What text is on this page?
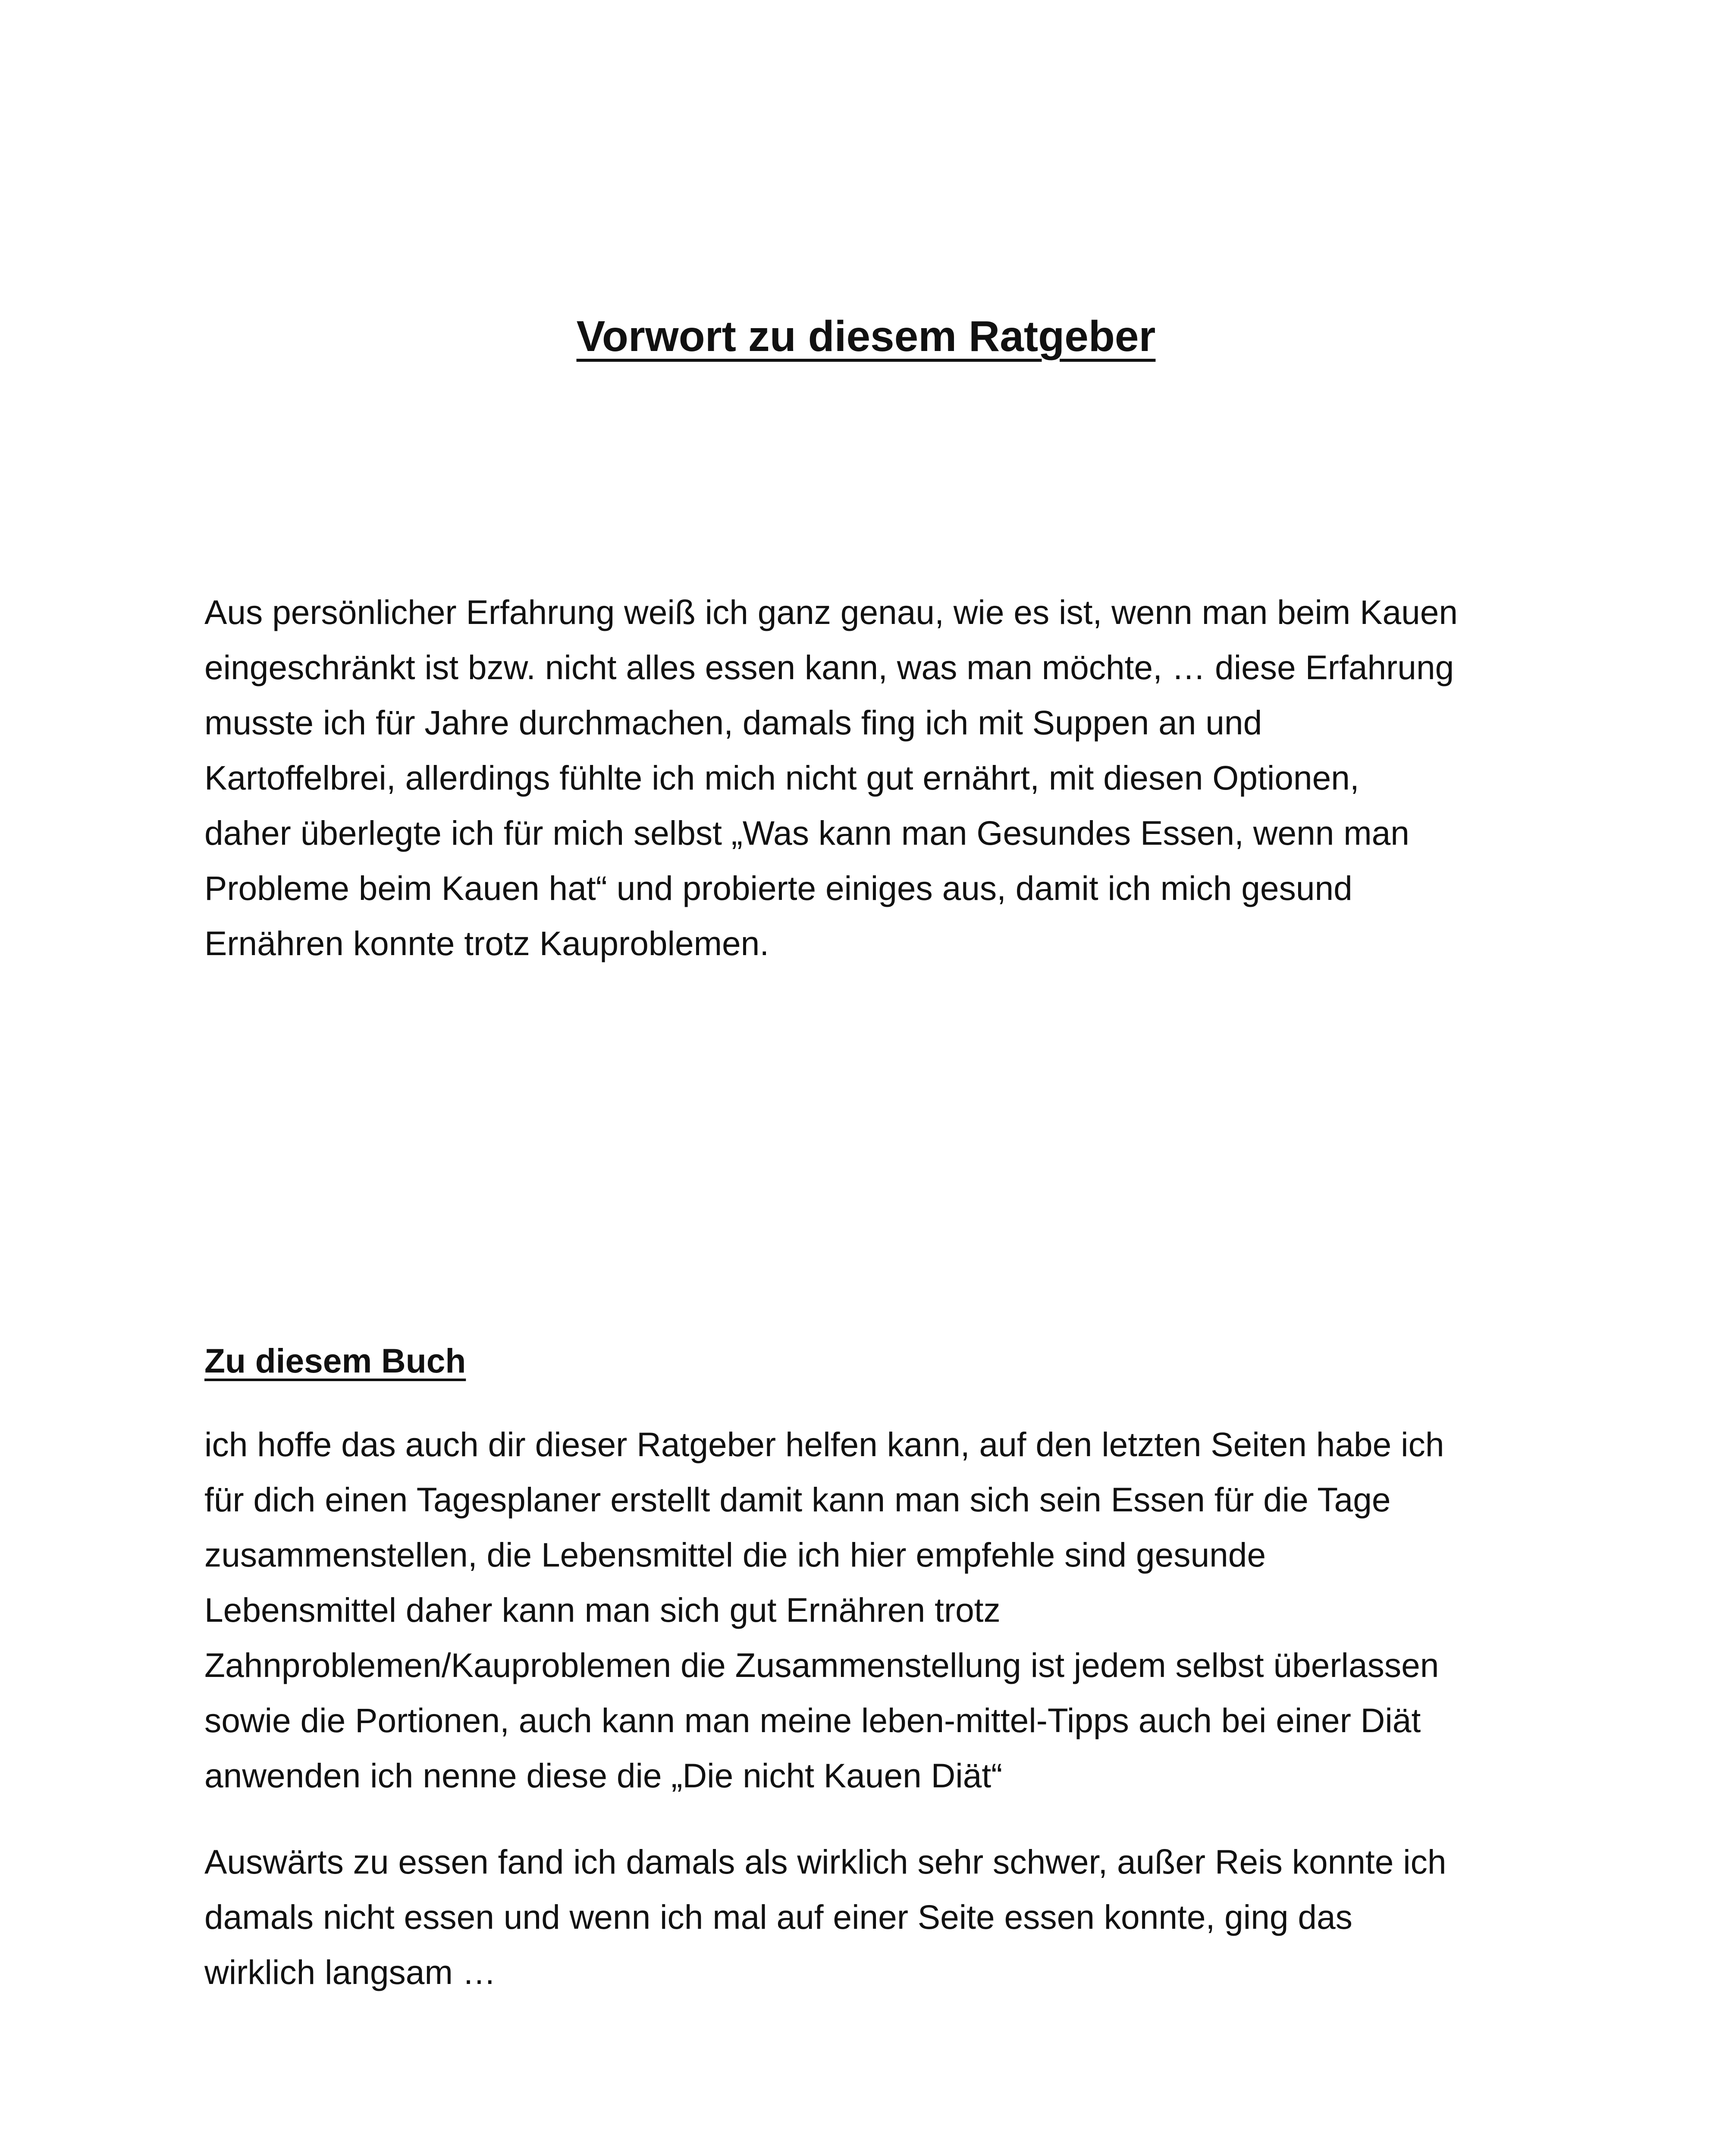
Vorwort zu diesem Ratgeber

Aus persönlicher Erfahrung weiß ich ganz genau, wie es ist, wenn man beim Kauen
eingeschränkt ist bzw. nicht alles essen kann, was man möchte, … diese Erfahrung
musste ich für Jahre durchmachen, damals fing ich mit Suppen an und
Kartoffelbrei, allerdings fühlte ich mich nicht gut ernährt, mit diesen Optionen,
daher überlegte ich für mich selbst „Was kann man Gesundes Essen, wenn man
Probleme beim Kauen hat“ und probierte einiges aus, damit ich mich gesund
Ernähren konnte trotz Kauproblemen.

Zu diesem Buch

ich hoffe das auch dir dieser Ratgeber helfen kann, auf den letzten Seiten habe ich
für dich einen Tagesplaner erstellt damit kann man sich sein Essen für die Tage
zusammenstellen, die Lebensmittel die ich hier empfehle sind gesunde
Lebensmittel daher kann man sich gut Ernähren trotz
Zahnproblemen/Kauproblemen die Zusammenstellung ist jedem selbst überlassen
sowie die Portionen, auch kann man meine leben-mittel-Tipps auch bei einer Diät
anwenden ich nenne diese die „Die nicht Kauen Diät“

Auswärts zu essen fand ich damals als wirklich sehr schwer, außer Reis konnte ich
damals nicht essen und wenn ich mal auf einer Seite essen konnte, ging das
wirklich langsam …
